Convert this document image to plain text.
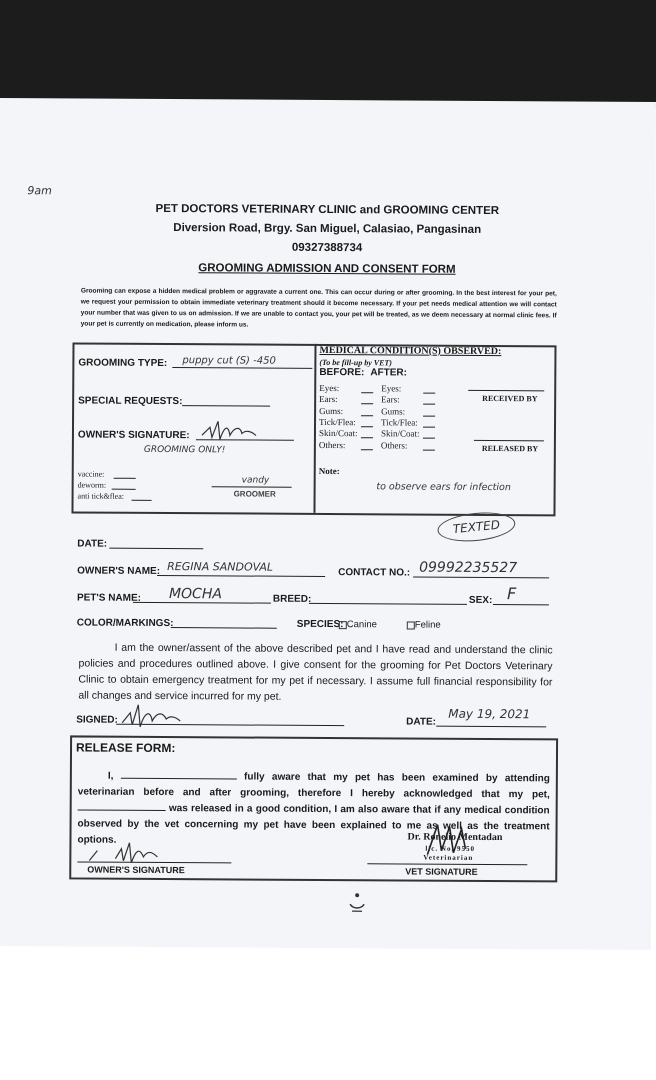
9am
PET DOCTORS VETERINARY CLINIC and GROOMING CENTER
Diversion Road, Brgy. San Miguel, Calasiao, Pangasinan
09327388734
GROOMING ADMISSION AND CONSENT FORM
Grooming can expose a hidden medical problem or aggravate a current one. This can occur during or after grooming. In the best interest for your pet, we request your permission to obtain immediate veterinary treatment should it become necessary. If your pet needs medical attention we will contact your number that was given to us on admission. If we are unable to contact you, your pet will be treated, as we deem necessary at normal clinic fees. If your pet is currently on medication, please inform us.
GROOMING TYPE: puppy cut (S) -450
SPECIAL REQUESTS:
OWNER'S SIGNATURE:
GROOMING ONLY!
vaccine:
deworm:
anti tick&flea:
vandy
GROOMER
MEDICAL CONDITION(S) OBSERVED:
(To be fill-up by VET)
BEFORE: AFTER:
Eyes:	Eyes:
Ears:	Ears:
Gums:	Gums:
Tick/Flea:	Tick/Flea:
Skin/Coat:	Skin/Coat:
Others:	Others:
RECEIVED BY
RELEASED BY
Note:
to observe ears for infection
TEXTED
DATE:
OWNER'S NAME: REGINA SANDOVAL	CONTACT NO.: 09992235527
PET'S NAME: MOCHA	BREED:	SEX: F
COLOR/MARKINGS:	SPECIES: Canine	Feline
I am the owner/assent of the above described pet and I have read and understand the clinic policies and procedures outlined above. I give consent for the grooming for Pet Doctors Veterinary Clinic to obtain emergency treatment for my pet if necessary. I assume full financial responsibility for all changes and service incurred for my pet.
SIGNED:	DATE:
May 19, 2021
RELEASE FORM:
I,	fully aware that my pet has been examined by attending veterinarian before and after grooming, therefore I hereby acknowledged that my pet,  was released in a good condition, I am also aware that if any medical condition observed by the vet concerning my pet have been explained to me as well as the treatment options.	Dr. Ronelio Mentadan
lic. No. 9550
Veterinarian
OWNER'S SIGNATURE	VET SIGNATURE
